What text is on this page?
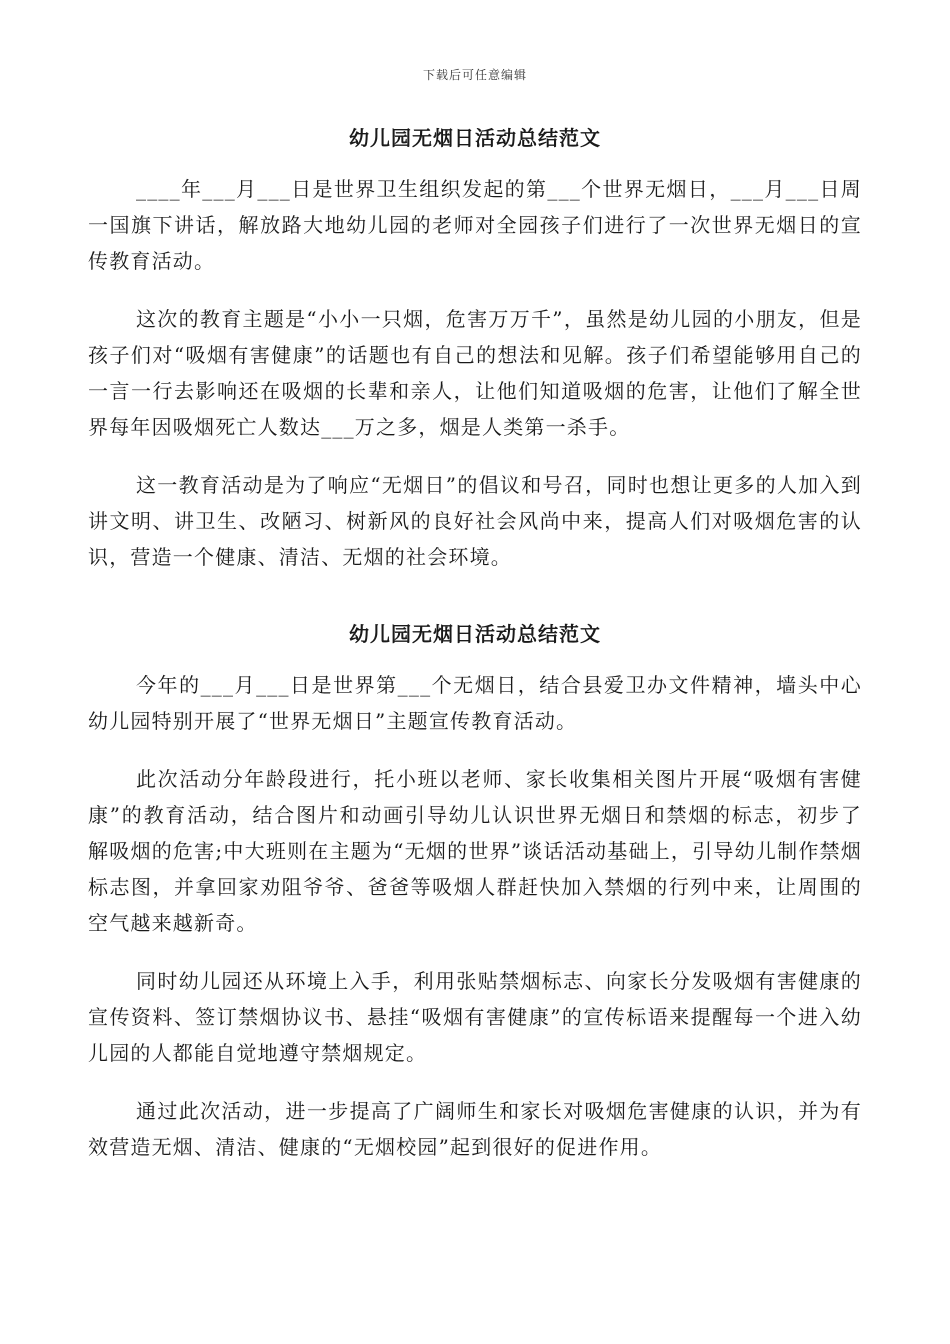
下载后可任意编辑
幼儿园无烟日活动总结范文

____年___月___日是世界卫生组织发起的第___个世界无烟日，___月___日周一国旗下讲话，解放路大地幼儿园的老师对全园孩子们进行了一次世界无烟日的宣传教育活动。

这次的教育主题是“小小一只烟，危害万万千”，虽然是幼儿园的小朋友，但是孩子们对“吸烟有害健康”的话题也有自己的想法和见解。孩子们希望能够用自己的一言一行去影响还在吸烟的长辈和亲人，让他们知道吸烟的危害，让他们了解全世界每年因吸烟死亡人数达___万之多，烟是人类第一杀手。

这一教育活动是为了响应“无烟日”的倡议和号召，同时也想让更多的人加入到讲文明、讲卫生、改陋习、树新风的良好社会风尚中来，提高人们对吸烟危害的认识，营造一个健康、清洁、无烟的社会环境。

幼儿园无烟日活动总结范文

今年的___月___日是世界第___个无烟日，结合县爱卫办文件精神，墙头中心幼儿园特别开展了“世界无烟日”主题宣传教育活动。

此次活动分年龄段进行，托小班以老师、家长收集相关图片开展“吸烟有害健康”的教育活动，结合图片和动画引导幼儿认识世界无烟日和禁烟的标志，初步了解吸烟的危害;中大班则在主题为“无烟的世界”谈话活动基础上，引导幼儿制作禁烟标志图，并拿回家劝阻爷爷、爸爸等吸烟人群赶快加入禁烟的行列中来，让周围的空气越来越新奇。

同时幼儿园还从环境上入手，利用张贴禁烟标志、向家长分发吸烟有害健康的宣传资料、签订禁烟协议书、悬挂“吸烟有害健康”的宣传标语来提醒每一个进入幼儿园的人都能自觉地遵守禁烟规定。

通过此次活动，进一步提高了广阔师生和家长对吸烟危害健康的认识，并为有效营造无烟、清洁、健康的“无烟校园”起到很好的促进作用。
